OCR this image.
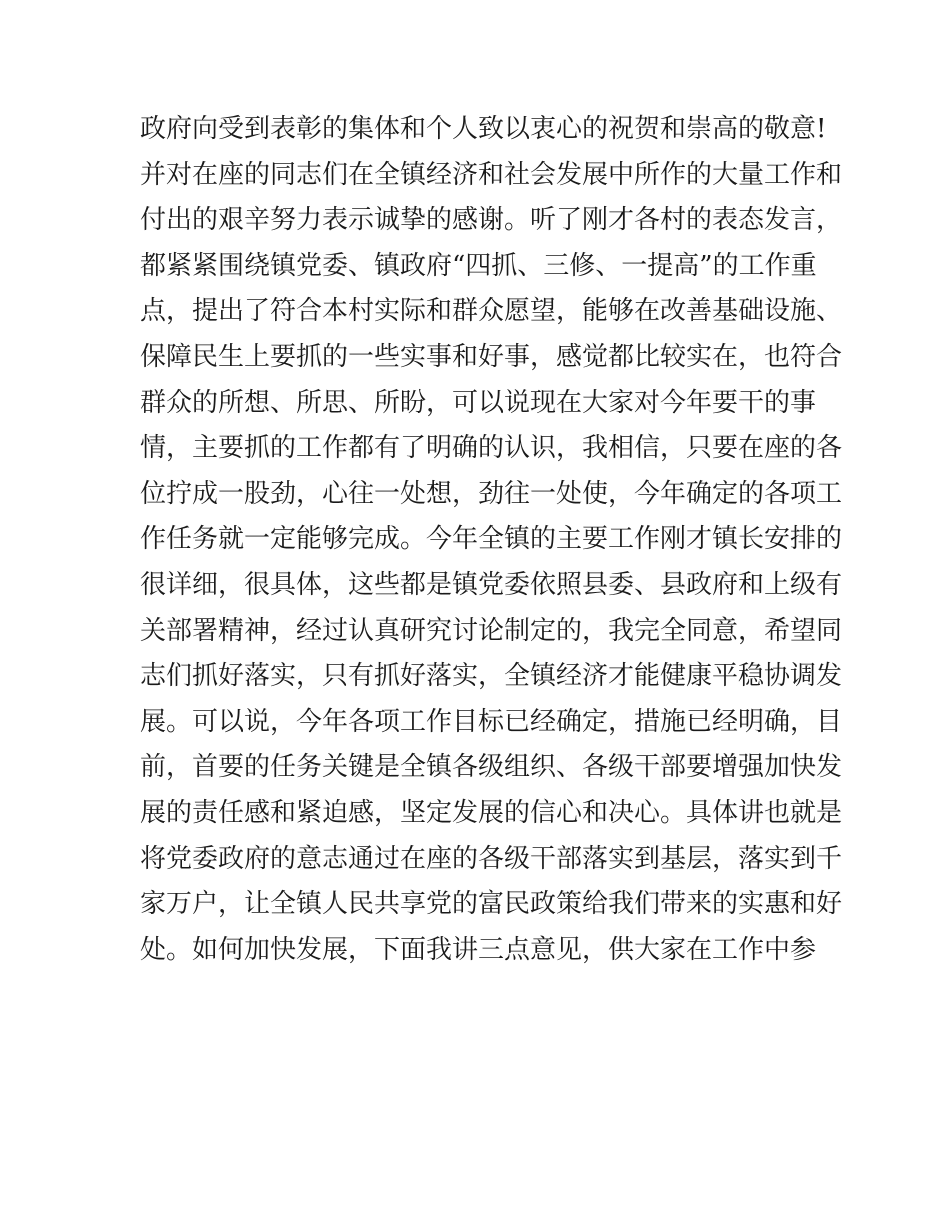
政府向受到表彰的集体和个人致以衷心的祝贺和崇高的敬意!
并对在座的同志们在全镇经济和社会发展中所作的大量工作和
付出的艰辛努力表示诚挚的感谢。听了刚才各村的表态发言，
都紧紧围绕镇党委、镇政府“四抓、三修、一提高”的工作重
点，提出了符合本村实际和群众愿望，能够在改善基础设施、
保障民生上要抓的一些实事和好事，感觉都比较实在，也符合
群众的所想、所思、所盼，可以说现在大家对今年要干的事
情，主要抓的工作都有了明确的认识，我相信，只要在座的各
位拧成一股劲，心往一处想，劲往一处使，今年确定的各项工
作任务就一定能够完成。今年全镇的主要工作刚才镇长安排的
很详细，很具体，这些都是镇党委依照县委、县政府和上级有
关部署精神，经过认真研究讨论制定的，我完全同意，希望同
志们抓好落实，只有抓好落实，全镇经济才能健康平稳协调发
展。可以说，今年各项工作目标已经确定，措施已经明确，目
前，首要的任务关键是全镇各级组织、各级干部要增强加快发
展的责任感和紧迫感，坚定发展的信心和决心。具体讲也就是
将党委政府的意志通过在座的各级干部落实到基层，落实到千
家万户，让全镇人民共享党的富民政策给我们带来的实惠和好
处。如何加快发展，下面我讲三点意见，供大家在工作中参
